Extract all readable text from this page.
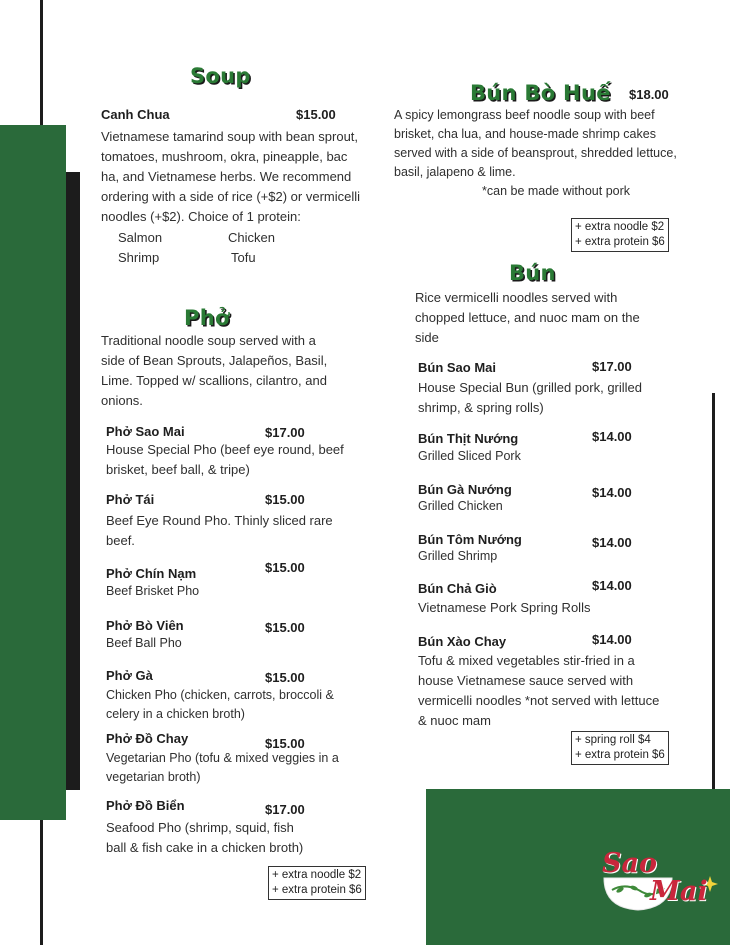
Soup
Canh Chua	$15.00
Vietnamese tamarind soup with bean sprout,
tomatoes, mushroom, okra, pineapple, bac
ha, and Vietnamese herbs. We recommend
ordering with a side of rice (+$2) or vermicelli
noodles (+$2). Choice of 1 protein:
Salmon	Chicken
Shrimp	Tofu
Phở
Traditional noodle soup served with a
side of Bean Sprouts, Jalapeños, Basil,
Lime. Topped w/ scallions, cilantro, and
onions.
Phở Sao Mai	$17.00
House Special Pho (beef eye round, beef
brisket, beef ball, & tripe)
Phở Tái	$15.00
Beef Eye Round Pho. Thinly sliced rare
beef.
Phở Chín Nạm	$15.00
Beef Brisket Pho
Phở Bò Viên	$15.00
Beef Ball Pho
Phở Gà	$15.00
Chicken Pho (chicken, carrots, broccoli &
celery in a chicken broth)
Phở Đồ Chay	$15.00
Vegetarian Pho (tofu & mixed veggies in a
vegetarian broth)
Phở Đồ Biển	$17.00
Seafood Pho (shrimp, squid, fish
ball & fish cake in a chicken broth)
+ extra noodle $2
+ extra protein $6
Bún Bò Huế $18.00
A spicy lemongrass beef noodle soup with beef
brisket, cha lua, and house-made shrimp cakes
served with a side of beansprout, shredded lettuce,
basil, jalapeno & lime.
*can be made without pork
+ extra noodle $2
+ extra protein $6
Bún
Rice vermicelli noodles served with
chopped lettuce, and nuoc mam on the
side
Bún Sao Mai	$17.00
House Special Bun (grilled pork, grilled
shrimp, & spring rolls)
Bún Thịt Nướng	$14.00
Grilled Sliced Pork
Bún Gà Nướng	$14.00
Grilled Chicken
Bún Tôm Nướng	$14.00
Grilled Shrimp
Bún Chả Giò	$14.00
Vietnamese Pork Spring Rolls
Bún Xào Chay	$14.00
Tofu & mixed vegetables stir-fried in a
house Vietnamese sauce served with
vermicelli noodles *not served with lettuce
& nuoc mam
+ spring roll $4
+ extra protein $6
Sao
Mai
